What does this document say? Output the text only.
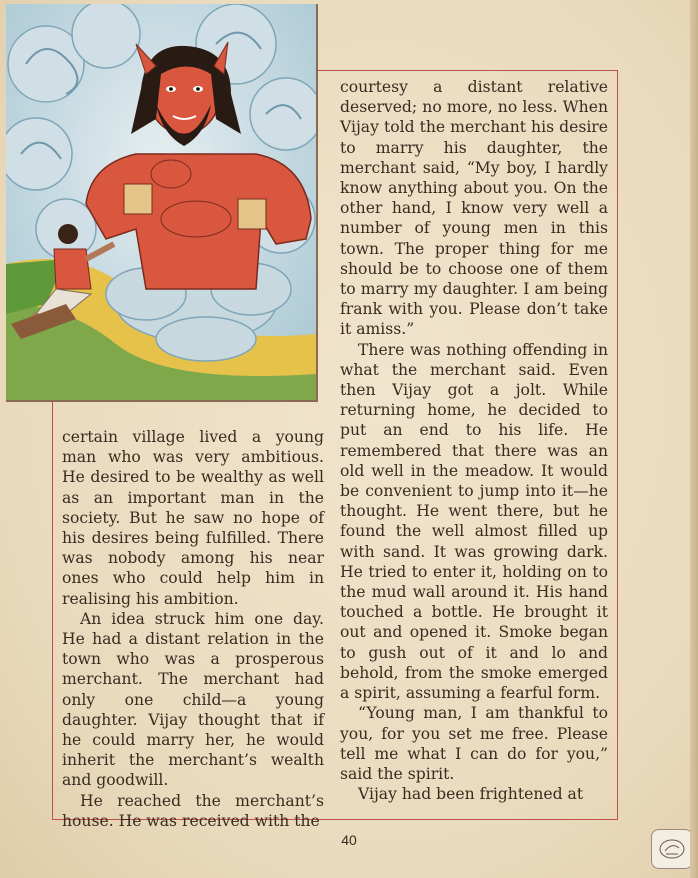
certain village lived a young man who was very ambitious. He desired to be wealthy as well as an important man in the society. But he saw no hope of his desires being fulfilled. There was nobody among his near ones who could help him in realising his ambition.

An idea struck him one day. He had a distant relation in the town who was a prosperous merchant. The merchant had only one child—a young daughter. Vijay thought that if he could marry her, he would inherit the merchant’s wealth and goodwill.

He reached the merchant’s house. He was received with the

courtesy a distant relative deserved; no more, no less. When Vijay told the merchant his desire to marry his daughter, the merchant said, “My boy, I hardly know anything about you. On the other hand, I know very well a number of young men in this town. The proper thing for me should be to choose one of them to marry my daughter. I am being frank with you. Please don’t take it amiss.”

There was nothing offending in what the merchant said. Even then Vijay got a jolt. While returning home, he decided to put an end to his life. He remembered that there was an old well in the meadow. It would be convenient to jump into it—he thought. He went there, but he found the well almost filled up with sand. It was growing dark. He tried to enter it, holding on to the mud wall around it. His hand touched a bottle. He brought it out and opened it. Smoke began to gush out of it and lo and behold, from the smoke emerged a spirit, assuming a fearful form.

“Young man, I am thankful to you, for you set me free. Please tell me what I can do for you,” said the spirit.

Vijay had been frightened at

40
